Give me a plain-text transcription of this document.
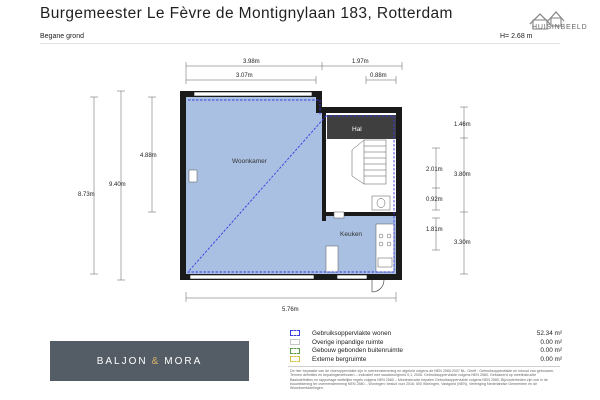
Burgemeester Le Fèvre de Montignylaan 183, Rotterdam
HUISINBEELD
Begane grond	H= 2.68 m
Woonkamer
Hal
Keuken
3.98m	1.97m
3.07m	0.88m
5.76m
8.73m
9.40m
4.88m
1.46m
3.80m
2.01m
0.92m
1.81m
3.30m
BALJON & MORA
Gebruiksoppervlakte wonen	52.34 m²
Overige inpandige ruimte	0.00 m²
Gebouw gebonden buitenruimte	0.00 m²
Externe bergruimte	0.00 m²
De hier bepaalde van de vloeroppervlakte zijn in overeenstemming en afgeleid volgens de NEN 2580:2007 NL. Geeft : Gebruiksoppervlakte en inhoud van gebouwen, Termen definities en bepalingsmethoden – Indicatief met nauwkeurigheid 0,1, 2006. Gebruiksoppervlakte volgens NEN 2580. Gebaseerd op meetinstructie Basisdefinities en rapportage wettelijke regels volgens NEN 2580 – Meetinstructie bepalen Gebruiksoppervlakte volgens NEN 2580, Bijzonderheden zijn ook in de bouwtekening ter overeenstemming NEN 2580 – Woningen: besluit voor 2016, 500 Woningen, Vastgoed (NEN), Vereniging Nederlandse Gemeenten en de Woonbemiddelingen.
